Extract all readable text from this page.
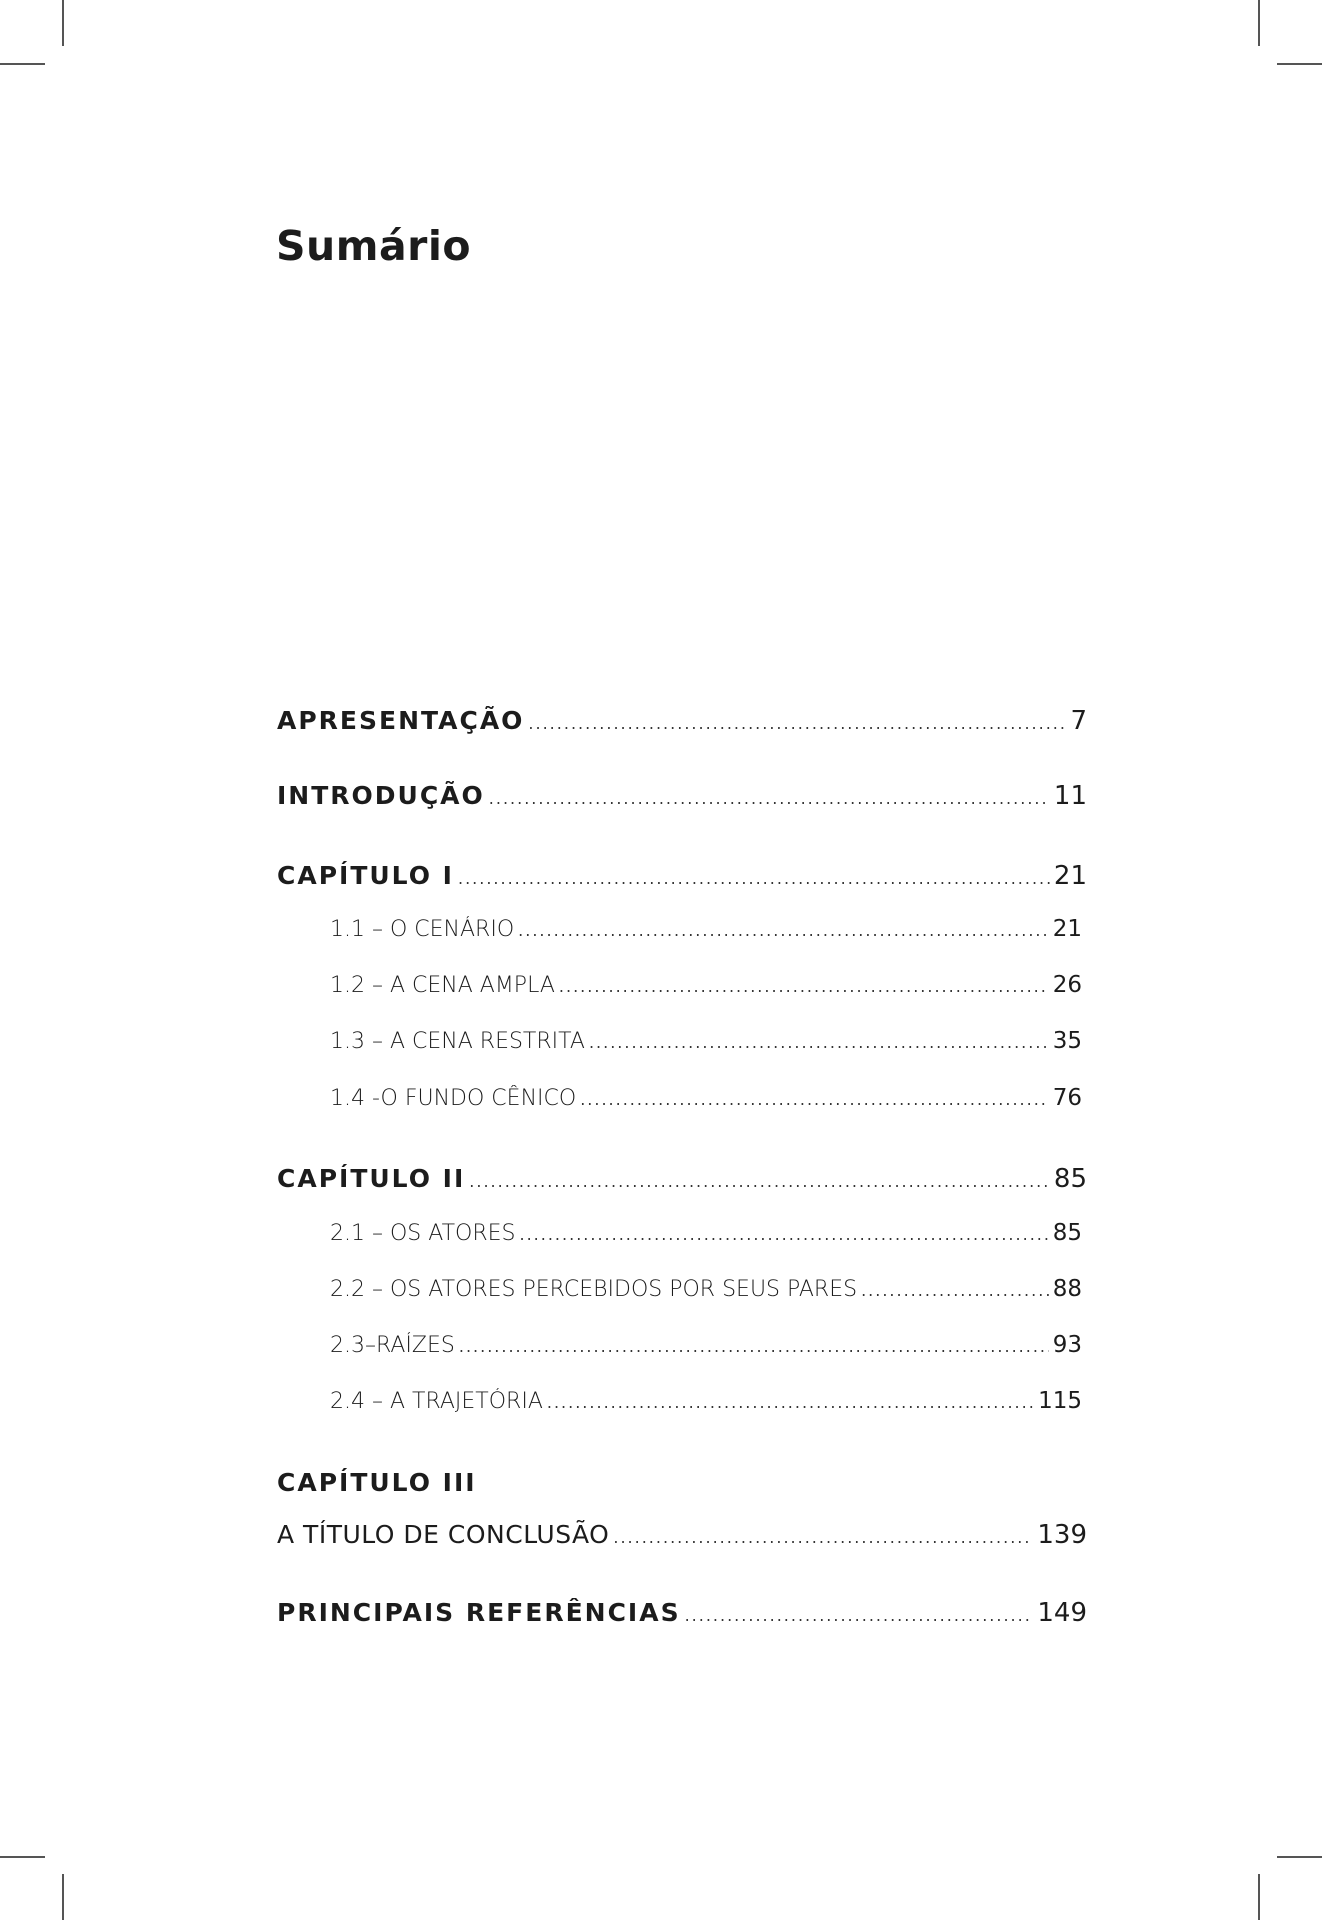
Sumário
APRESENTAÇÃO .....	7
INTRODUÇÃO .....	11
CAPÍTULO I .....	21
1.1 – O CENÁRIO .....	21
1.2 – A CENA AMPLA .....	26
1.3 – A CENA RESTRITA .....	35
1.4 -O FUNDO CÊNICO .....	76
CAPÍTULO II .....	85
2.1 – OS ATORES .....	85
2.2 – OS ATORES PERCEBIDOS POR SEUS PARES .....	88
2.3–RAÍZES .....	93
2.4 – A TRAJETÓRIA .....	115
CAPÍTULO III
A TÍTULO DE CONCLUSÃO .....	139
PRINCIPAIS REFERÊNCIAS .....	149
